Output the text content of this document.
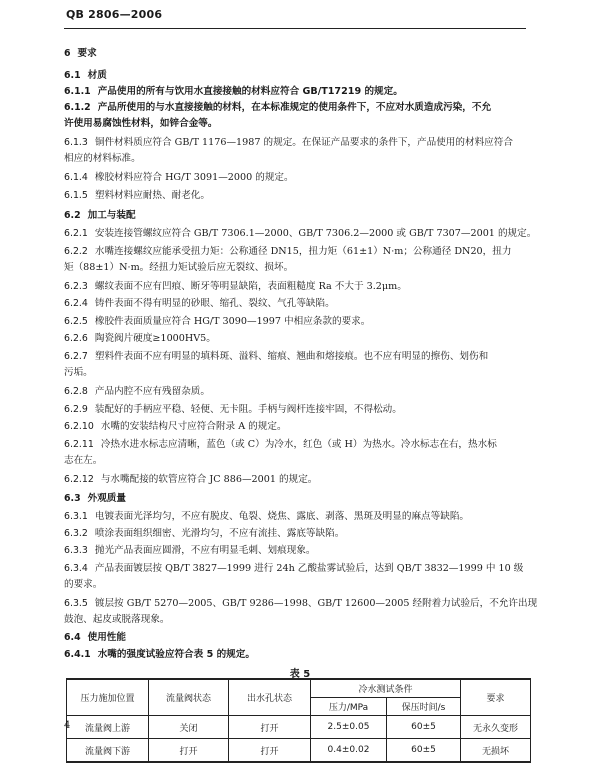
QB 2806—2006
6 要求
6.1 材质
6.1.1 产品使用的所有与饮用水直接接触的材料应符合 GB/T17219 的规定。
6.1.2 产品所使用的与水直接接触的材料，在本标准规定的使用条件下，不应对水质造成污染，不允
许使用易腐蚀性材料，如锌合金等。
6.1.3 铜件材料质应符合 GB/T 1176—1987 的规定。在保证产品要求的条件下，产品使用的材料应符合
相应的材料标准。
6.1.4 橡胶材料应符合 HG/T 3091—2000 的规定。
6.1.5 塑料材料应耐热、耐老化。
6.2 加工与装配
6.2.1 安装连接管螺纹应符合 GB/T 7306.1—2000、GB/T 7306.2—2000 或 GB/T 7307—2001 的规定。
6.2.2 水嘴连接螺纹应能承受扭力矩：公称通径 DN15，扭力矩（61±1）N·m；公称通径 DN20，扭力
矩（88±1）N·m。经扭力矩试验后应无裂纹、损坏。
6.2.3 螺纹表面不应有凹痕、断牙等明显缺陷，表面粗糙度 Ra 不大于 3.2μm。
6.2.4 铸件表面不得有明显的砂眼、缩孔、裂纹、气孔等缺陷。
6.2.5 橡胶件表面质量应符合 HG/T 3090—1997 中相应条款的要求。
6.2.6 陶瓷阀片硬度≥1000HV5。
6.2.7 塑料件表面不应有明显的填料斑、溢料、缩痕、翘曲和熔接痕。也不应有明显的擦伤、划伤和
污垢。
6.2.8 产品内腔不应有残留杂质。
6.2.9 装配好的手柄应平稳、轻便、无卡阻。手柄与阀杆连接牢固，不得松动。
6.2.10 水嘴的安装结构尺寸应符合附录 A 的规定。
6.2.11 冷热水进水标志应清晰，蓝色（或 C）为冷水，红色（或 H）为热水。冷水标志在右，热水标
志在左。
6.2.12 与水嘴配接的软管应符合 JC 886—2001 的规定。
6.3 外观质量
6.3.1 电镀表面光泽均匀，不应有脱皮、龟裂、烧焦、露底、剥落、黑斑及明显的麻点等缺陷。
6.3.2 喷涂表面组织细密、光滑均匀，不应有流挂、露底等缺陷。
6.3.3 抛光产品表面应圆滑，不应有明显毛刺、划痕现象。
6.3.4 产品表面镀层按 QB/T 3827—1999 进行 24h 乙酸盐雾试验后，达到 QB/T 3832—1999 中 10 级
的要求。
6.3.5 镀层按 GB/T 5270—2005、GB/T 9286—1998、GB/T 12600—2005 经附着力试验后，不允许出现
鼓泡、起皮或脱落现象。
6.4 使用性能
6.4.1 水嘴的强度试验应符合表 5 的规定。
表 5
压力施加位置	流量阀状态	出水孔状态	冷水测试条件		要求
			压力/MPa	保压时间/s	
流量阀上游	关闭	打开	2.5±0.05	60±5	无永久变形
流量阀下游	打开	打开	0.4±0.02	60±5	无损坏
4
